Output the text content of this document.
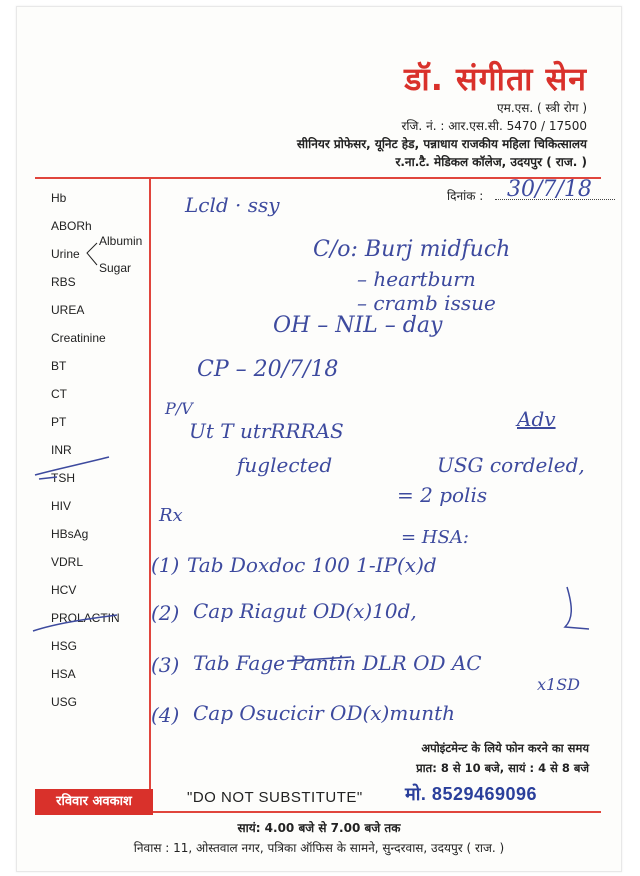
डॉ. संगीता सेन
एम.एस. ( स्त्री रोग )
रजि. नं. : आर.एस.सी. 5470 / 17500
सीनियर प्रोफेसर, यूनिट हेड, पन्नाधाय राजकीय महिला चिकित्सालय
र.ना.टै. मेडिकल कॉलेज, उदयपुर ( राज. )
दिनांक : 30/7/18
Hb
ABORh
Urine
Albumin
Sugar
RBS
UREA
Creatinine
BT
CT
PT
INR
TSH
HIV
HBsAg
VDRL
HCV
PROLACTIN
HSG
HSA
USG
Lcld · ssy
C/o: Burj midfuch
– heartburn
– cramb issue
OH – NIL – day
CP – 20/7/18
P/V
Ut T utrRRRAS	Adv
fuglected	USG cordeled,
= 2 polis
Rx
= HSA:
(1) Tab Doxdoc 100 1-IP(x)d
(2) Cap Riagut OD(x)10d,
(3) Tab Fage Pantin DLR OD AC
x1SD
(4) Cap Osucicir OD(x)munth
अपोइंटमेन्ट के लिये फोन करने का समय
प्रात: 8 से 10 बजे, सायं : 4 से 8 बजे
मो. 8529469096
रविवार अवकाश	"DO NOT SUBSTITUTE"
सायं: 4.00 बजे से 7.00 बजे तक
निवास : 11, ओस्तवाल नगर, पत्रिका ऑफिस के सामने, सुन्दरवास, उदयपुर ( राज. )
